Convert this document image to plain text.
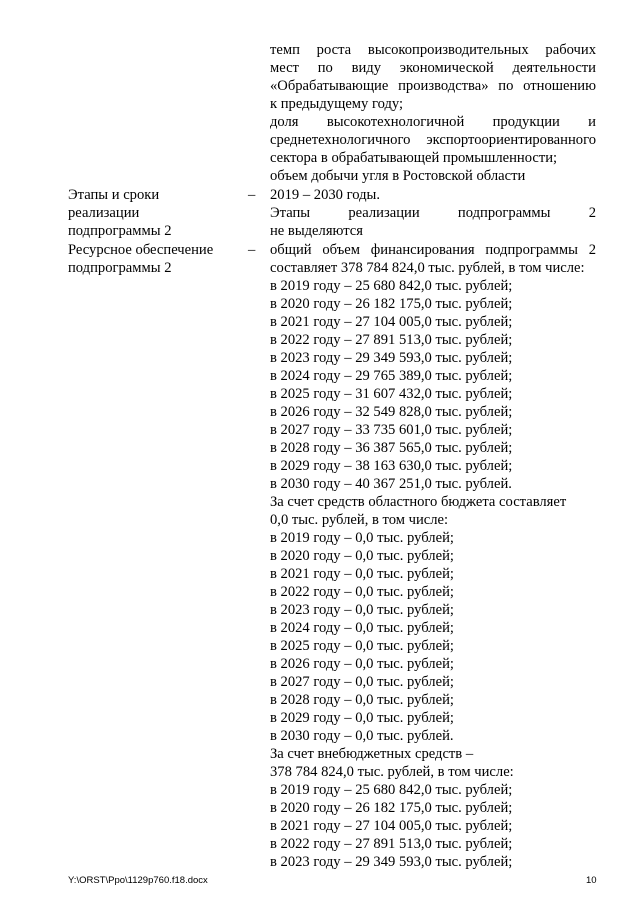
темп роста высокопроизводительных рабочих
мест по виду экономической деятельности
«Обрабатывающие производства» по отношению
к предыдущему году;
доля высокотехнологичной продукции и
среднетехнологичного экспортоориентированного
сектора в обрабатывающей промышленности;
объем добычи угля в Ростовской области
Этапы и сроки
реализации
подпрограммы 2
– 2019 – 2030 годы.
Этапы реализации подпрограммы 2
не выделяются
Ресурсное обеспечение
подпрограммы 2
– общий объем финансирования подпрограммы 2
составляет 378 784 824,0 тыс. рублей, в том числе:
в 2019 году – 25 680 842,0 тыс. рублей;
в 2020 году – 26 182 175,0 тыс. рублей;
в 2021 году – 27 104 005,0 тыс. рублей;
в 2022 году – 27 891 513,0 тыс. рублей;
в 2023 году – 29 349 593,0 тыс. рублей;
в 2024 году – 29 765 389,0 тыс. рублей;
в 2025 году – 31 607 432,0 тыс. рублей;
в 2026 году – 32 549 828,0 тыс. рублей;
в 2027 году – 33 735 601,0 тыс. рублей;
в 2028 году – 36 387 565,0 тыс. рублей;
в 2029 году – 38 163 630,0 тыс. рублей;
в 2030 году – 40 367 251,0 тыс. рублей.
За счет средств областного бюджета составляет
0,0 тыс. рублей, в том числе:
в 2019 году – 0,0 тыс. рублей;
в 2020 году – 0,0 тыс. рублей;
в 2021 году – 0,0 тыс. рублей;
в 2022 году – 0,0 тыс. рублей;
в 2023 году – 0,0 тыс. рублей;
в 2024 году – 0,0 тыс. рублей;
в 2025 году – 0,0 тыс. рублей;
в 2026 году – 0,0 тыс. рублей;
в 2027 году – 0,0 тыс. рублей;
в 2028 году – 0,0 тыс. рублей;
в 2029 году – 0,0 тыс. рублей;
в 2030 году – 0,0 тыс. рублей.
За счет внебюджетных средств –
378 784 824,0 тыс. рублей, в том числе:
в 2019 году – 25 680 842,0 тыс. рублей;
в 2020 году – 26 182 175,0 тыс. рублей;
в 2021 году – 27 104 005,0 тыс. рублей;
в 2022 году – 27 891 513,0 тыс. рублей;
в 2023 году – 29 349 593,0 тыс. рублей;
Y:\ORST\Ppo\1129p760.f18.docx	10
